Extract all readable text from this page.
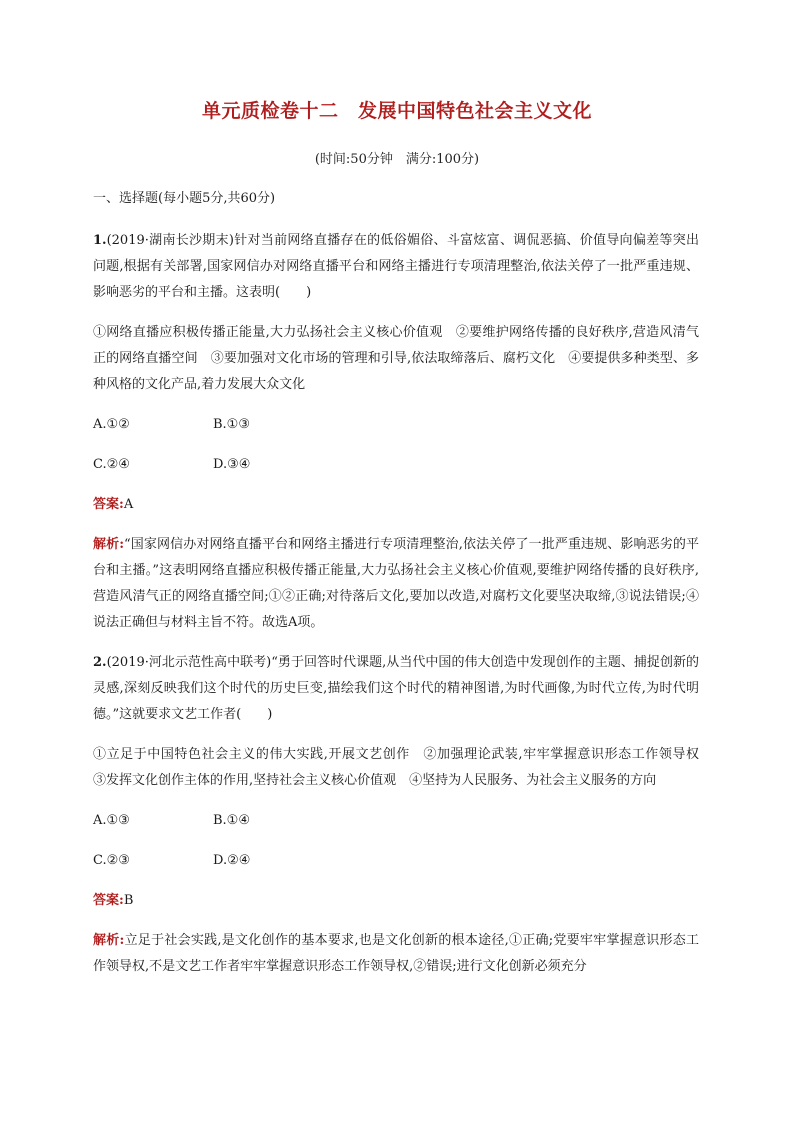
单元质检卷十二　发展中国特色社会主义文化
(时间:50分钟　满分:100分)
一、选择题(每小题5分,共60分)
1.(2019·湖南长沙期末)针对当前网络直播存在的低俗媚俗、斗富炫富、调侃恶搞、价值导向偏差等突出问题,根据有关部署,国家网信办对网络直播平台和网络主播进行专项清理整治,依法关停了一批严重违规、影响恶劣的平台和主播。这表明(　　)
①网络直播应积极传播正能量,大力弘扬社会主义核心价值观　②要维护网络传播的良好秩序,营造风清气正的网络直播空间　③要加强对文化市场的管理和引导,依法取缔落后、腐朽文化　④要提供多种类型、多种风格的文化产品,着力发展大众文化
A.①②	B.①③
C.②④	D.③④
答案:A
解析:“国家网信办对网络直播平台和网络主播进行专项清理整治,依法关停了一批严重违规、影响恶劣的平台和主播。”这表明网络直播应积极传播正能量,大力弘扬社会主义核心价值观,要维护网络传播的良好秩序,营造风清气正的网络直播空间;①②正确;对待落后文化,要加以改造,对腐朽文化要坚决取缔,③说法错误;④说法正确但与材料主旨不符。故选A项。
2.(2019·河北示范性高中联考)“勇于回答时代课题,从当代中国的伟大创造中发现创作的主题、捕捉创新的灵感,深刻反映我们这个时代的历史巨变,描绘我们这个时代的精神图谱,为时代画像,为时代立传,为时代明德。”这就要求文艺工作者(　　)
①立足于中国特色社会主义的伟大实践,开展文艺创作　②加强理论武装,牢牢掌握意识形态工作领导权　③发挥文化创作主体的作用,坚持社会主义核心价值观　④坚持为人民服务、为社会主义服务的方向
A.①③	B.①④
C.②③	D.②④
答案:B
解析:立足于社会实践,是文化创作的基本要求,也是文化创新的根本途径,①正确;党要牢牢掌握意识形态工作领导权,不是文艺工作者牢牢掌握意识形态工作领导权,②错误;进行文化创新必须充分
